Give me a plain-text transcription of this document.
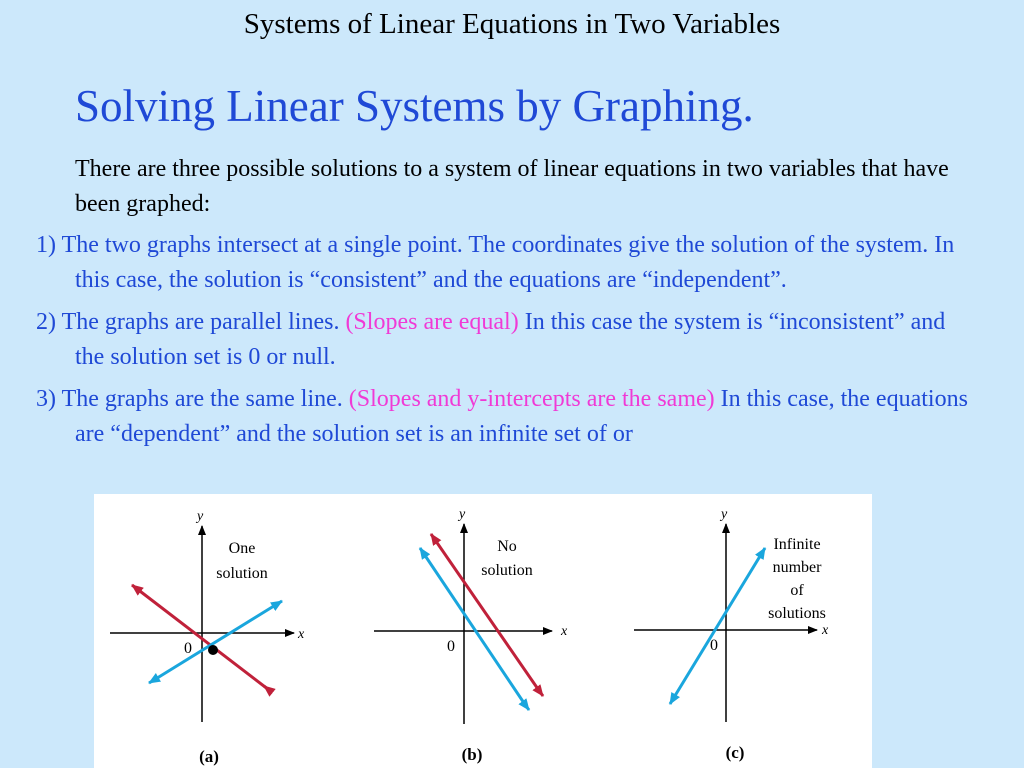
Systems of Linear Equations in Two Variables
Solving Linear Systems by Graphing.
There are three possible solutions to a system of linear equations in two variables that have been graphed:
1) The two graphs intersect at a single point. The coordinates give the solution of the system. In this case, the solution is “consistent” and the equations are “independent”.
2) The graphs are parallel lines. (Slopes are equal) In this case the system is “inconsistent” and the solution set is 0 or null.
3) The graphs are the same line. (Slopes and y-intercepts are the same) In this case, the equations are “dependent” and the solution set is an infinite set of or
x
y
0
One
solution
(a)
x
y
0
No
solution
(b)
x
y
0
Infinite
number
of
solutions
(c)
